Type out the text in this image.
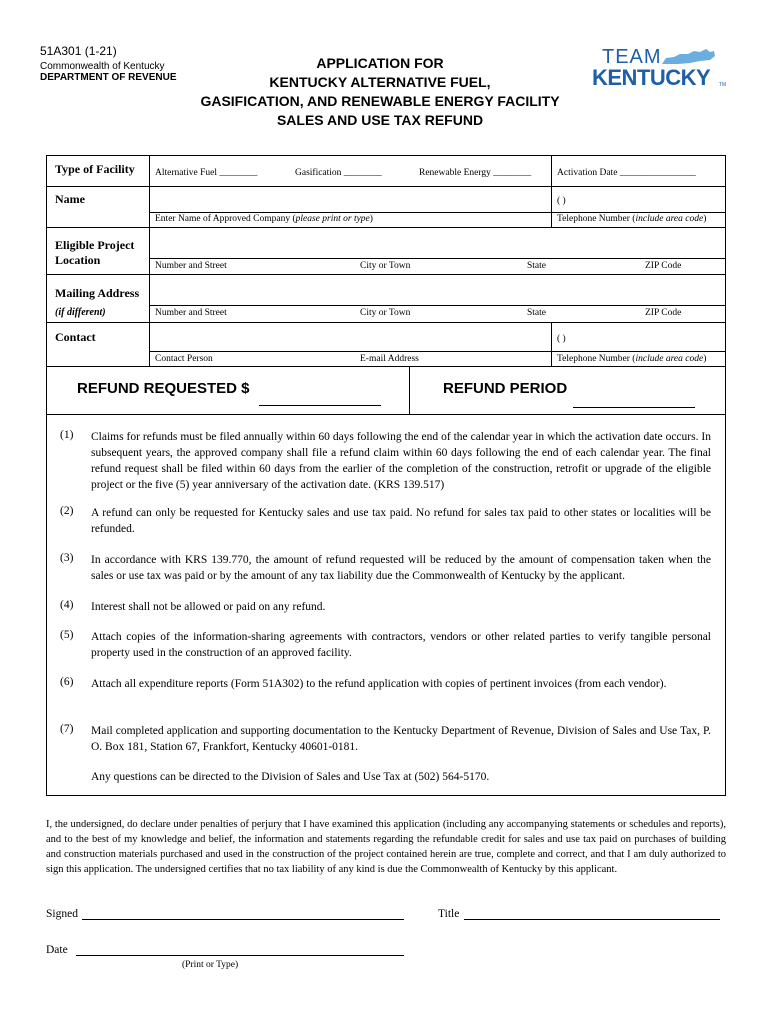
51A301 (1-21)
Commonwealth of Kentucky
DEPARTMENT OF REVENUE
APPLICATION FOR
KENTUCKY ALTERNATIVE FUEL,
GASIFICATION, AND RENEWABLE ENERGY FACILITY
SALES AND USE TAX REFUND
TEAM
KENTUCKY TM
Type of Facility Alternative Fuel ________	Gasification ________	Renewable Energy ________	Activation Date ________________
Name	( )
Enter Name of Approved Company (please print or type)	Telephone Number (include area code)
Eligible Project
Location	Number and Street	City or Town	State	ZIP Code
Mailing Address
(if different)	Number and Street	City or Town	State	ZIP Code
Contact	( )
Contact Person	E-mail Address	Telephone Number (include area code)
REFUND REQUESTED $	REFUND PERIOD
(1) Claims for refunds must be filed annually within 60 days following the end of the calendar year in which the activation date occurs. In subsequent years, the approved company shall file a refund claim within 60 days following the end of each calendar year. The final refund request shall be filed within 60 days from the earlier of the completion of the construction, retrofit or upgrade of the eligible project or the five (5) year anniversary of the activation date. (KRS 139.517)
(2) A refund can only be requested for Kentucky sales and use tax paid. No refund for sales tax paid to other states or localities will be refunded.
(3) In accordance with KRS 139.770, the amount of refund requested will be reduced by the amount of compensation taken when the sales or use tax was paid or by the amount of any tax liability due the Commonwealth of Kentucky by the applicant.
(4) Interest shall not be allowed or paid on any refund.
(5) Attach copies of the information-sharing agreements with contractors, vendors or other related parties to verify tangible personal property used in the construction of an approved facility.
(6) Attach all expenditure reports (Form 51A302) to the refund application with copies of pertinent invoices (from each vendor).
(7) Mail completed application and supporting documentation to the Kentucky Department of Revenue, Division of Sales and Use Tax, P. O. Box 181, Station 67, Frankfort, Kentucky 40601-0181.
Any questions can be directed to the Division of Sales and Use Tax at (502) 564-5170.
I, the undersigned, do declare under penalties of perjury that I have examined this application (including any accompanying statements or schedules and reports), and to the best of my knowledge and belief, the information and statements regarding the refundable credit for sales and use tax paid on purchases of building and construction materials purchased and used in the construction of the project contained herein are true, complete and correct, and that I am duly authorized to sign this application. The undersigned certifies that no tax liability of any kind is due the Commonwealth of Kentucky by this applicant.
Signed	Title
Date
(Print or Type)
